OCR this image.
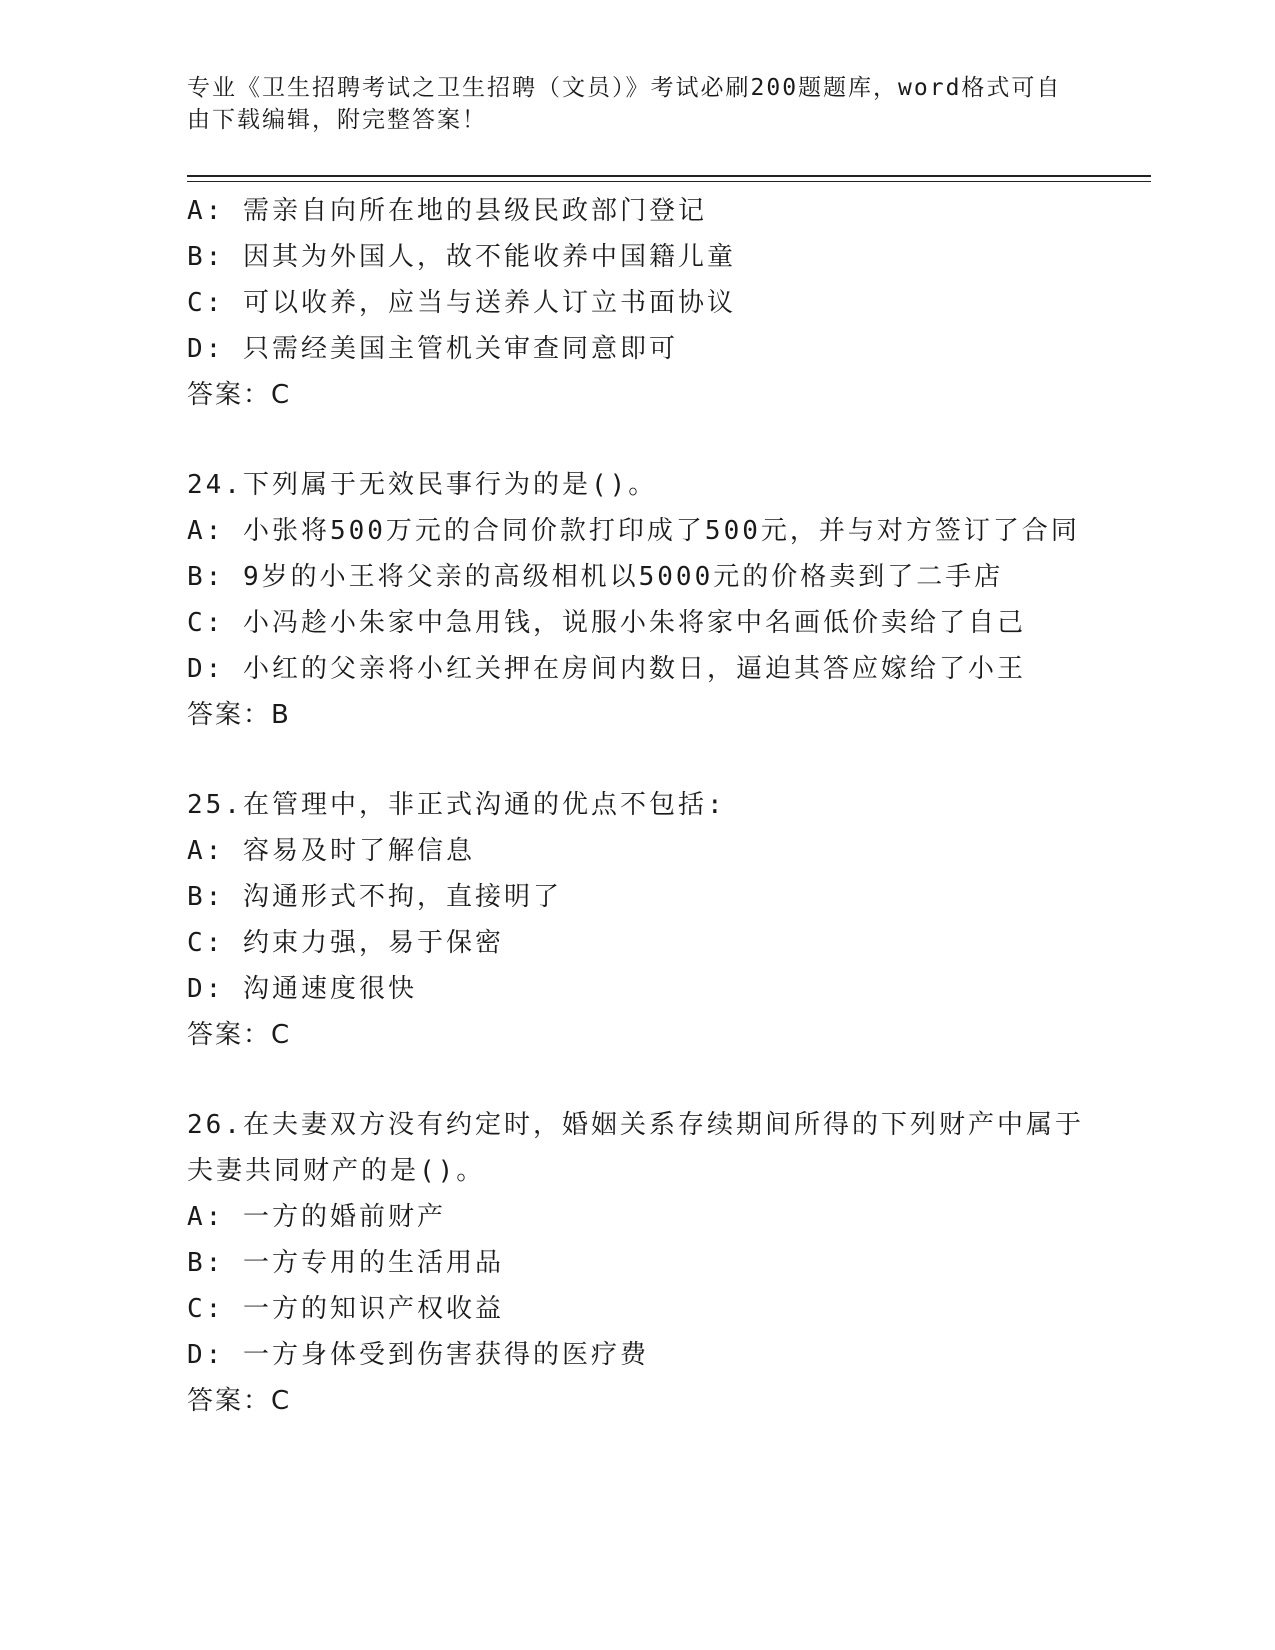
专业《卫生招聘考试之卫生招聘（文员）》考试必刷200题题库，word格式可自由下载编辑，附完整答案！
A: 需亲自向所在地的县级民政部门登记
B: 因其为外国人，故不能收养中国籍儿童
C: 可以收养，应当与送养人订立书面协议
D: 只需经美国主管机关审查同意即可
答案：C
24.下列属于无效民事行为的是()。
A: 小张将500万元的合同价款打印成了500元，并与对方签订了合同
B: 9岁的小王将父亲的高级相机以5000元的价格卖到了二手店
C: 小冯趁小朱家中急用钱，说服小朱将家中名画低价卖给了自己
D: 小红的父亲将小红关押在房间内数日，逼迫其答应嫁给了小王
答案：B
25.在管理中，非正式沟通的优点不包括:
A: 容易及时了解信息
B: 沟通形式不拘，直接明了
C: 约束力强，易于保密
D: 沟通速度很快
答案：C
26.在夫妻双方没有约定时，婚姻关系存续期间所得的下列财产中属于
夫妻共同财产的是()。
A: 一方的婚前财产
B: 一方专用的生活用品
C: 一方的知识产权收益
D: 一方身体受到伤害获得的医疗费
答案：C
